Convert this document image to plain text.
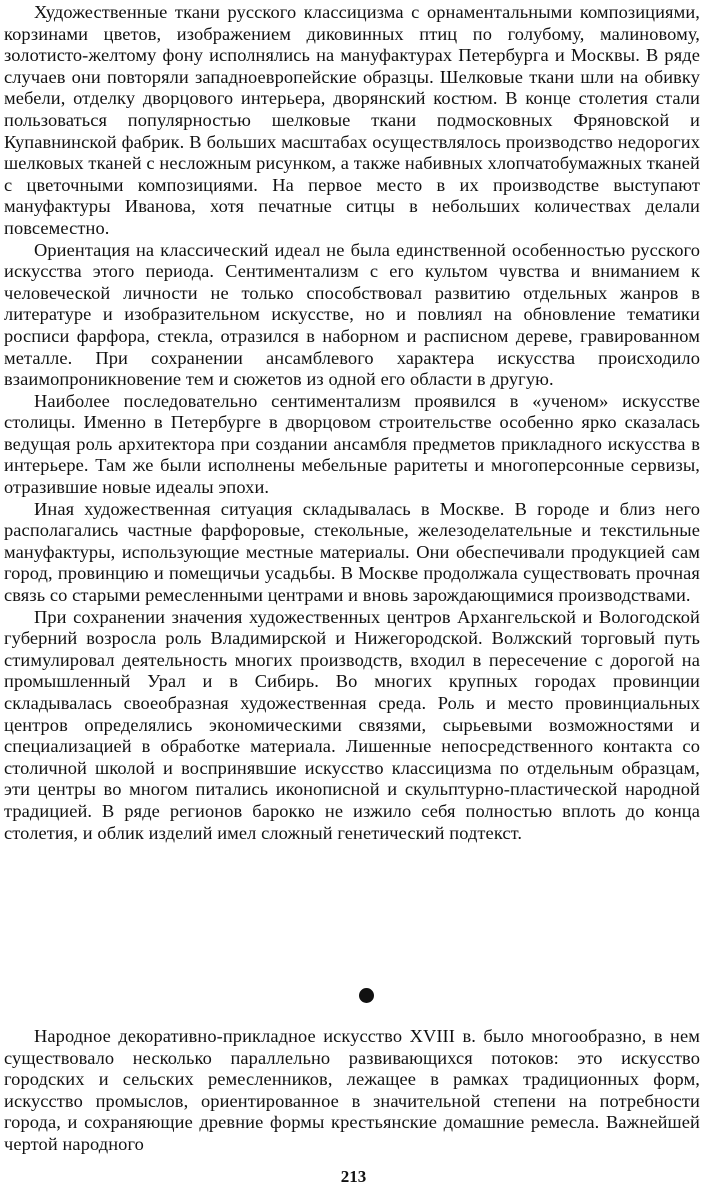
Художественные ткани русского классицизма с орнаментальными композициями, корзинами цветов, изображением диковинных птиц по голубому, малиновому, золотисто-желтому фону исполнялись на мануфактурах Петербурга и Москвы. В ряде случаев они повторяли западноевропейские образцы. Шелковые ткани шли на обивку мебели, отделку дворцового интерьера, дворянский костюм. В конце столетия стали пользоваться популярностью шелковые ткани подмосковных Фряновской и Купавнинской фабрик. В больших масштабах осуществлялось производство недорогих шелковых тканей с несложным рисунком, а также набивных хлопчатобумажных тканей с цветочными композициями. На первое место в их производстве выступают мануфактуры Иванова, хотя печатные ситцы в небольших количествах делали повсеместно.

Ориентация на классический идеал не была единственной особенностью русского искусства этого периода. Сентиментализм с его культом чувства и вниманием к человеческой личности не только способствовал развитию отдельных жанров в литературе и изобразительном искусстве, но и повлиял на обновление тематики росписи фарфора, стекла, отразился в наборном и расписном дереве, гравированном металле. При сохранении ансамблевого характера искусства происходило взаимопроникновение тем и сюжетов из одной его области в другую.

Наиболее последовательно сентиментализм проявился в «ученом» искусстве столицы. Именно в Петербурге в дворцовом строительстве особенно ярко сказалась ведущая роль архитектора при создании ансамбля предметов прикладного искусства в интерьере. Там же были исполнены мебельные раритеты и многоперсонные сервизы, отразившие новые идеалы эпохи.

Иная художественная ситуация складывалась в Москве. В городе и близ него располагались частные фарфоровые, стекольные, железоделательные и текстильные мануфактуры, использующие местные материалы. Они обеспечивали продукцией сам город, провинцию и помещичьи усадьбы. В Москве продолжала существовать прочная связь со старыми ремесленными центрами и вновь зарождающимися производствами.

При сохранении значения художественных центров Архангельской и Вологодской губерний возросла роль Владимирской и Нижегородской. Волжский торговый путь стимулировал деятельность многих производств, входил в пересечение с дорогой на промышленный Урал и в Сибирь. Во многих крупных городах провинции складывалась своеобразная художественная среда. Роль и место провинциальных центров определялись экономическими связями, сырьевыми возможностями и специализацией в обработке материала. Лишенные непосредственного контакта со столичной школой и воспринявшие искусство классицизма по отдельным образцам, эти центры во многом питались иконописной и скульптурно-пластической народной традицией. В ряде регионов барокко не изжило себя полностью вплоть до конца столетия, и облик изделий имел сложный генетический подтекст.

Народное декоративно-прикладное искусство XVIII в. было многообразно, в нем существовало несколько параллельно развивающихся потоков: это искусство городских и сельских ремесленников, лежащее в рамках традиционных форм, искусство промыслов, ориентированное в значительной степени на потребности города, и сохраняющие древние формы крестьянские домашние ремесла. Важнейшей чертой народного

213
